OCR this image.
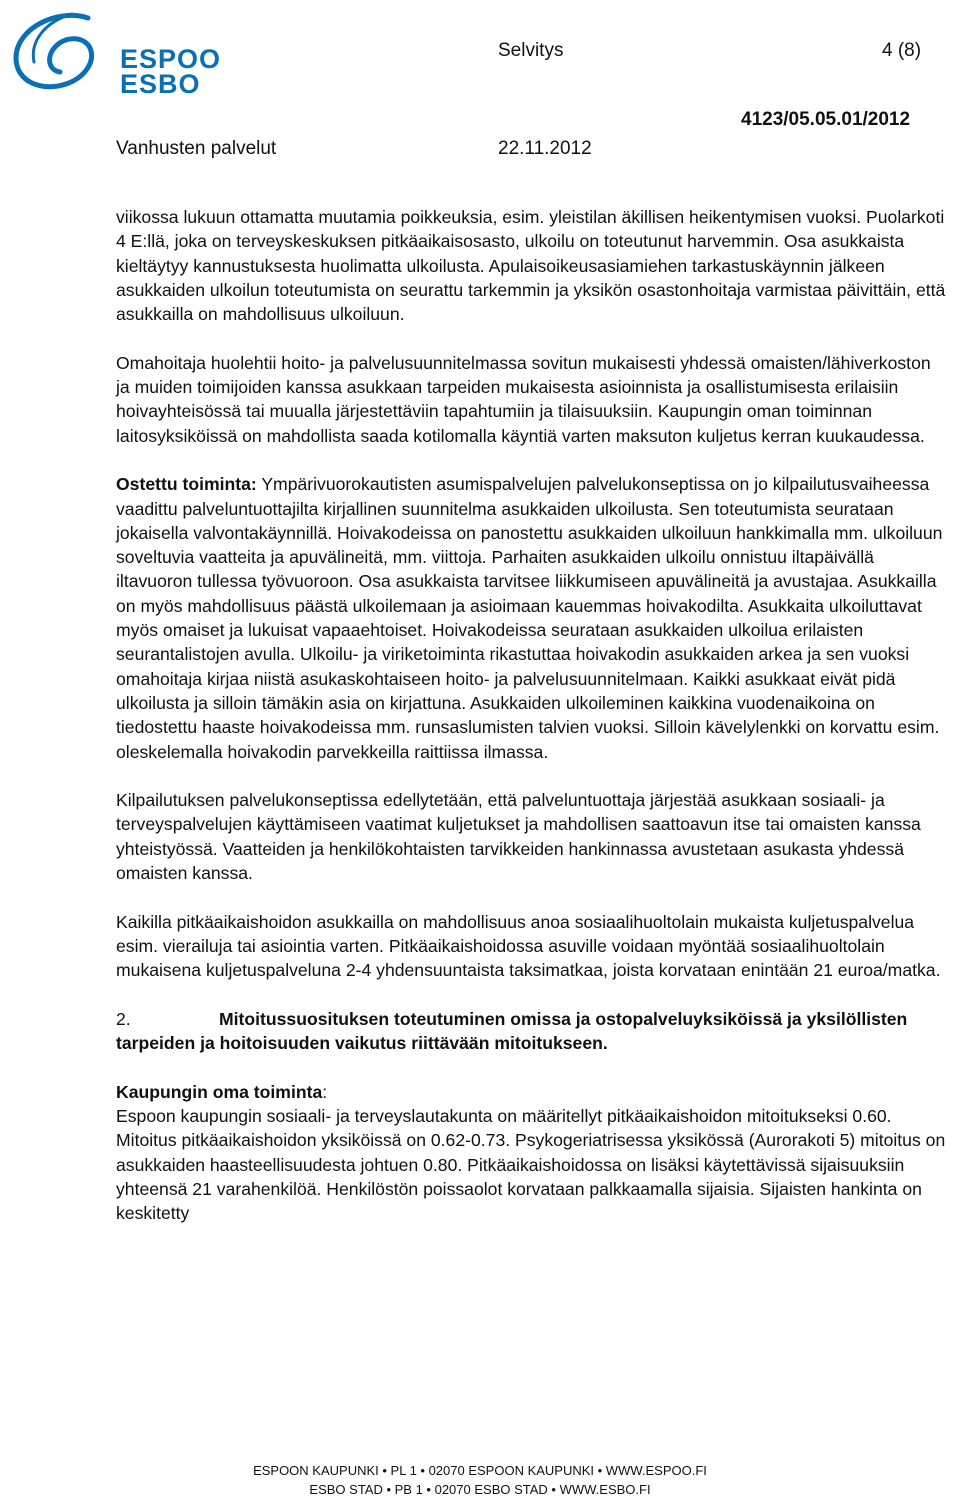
ESPOO
ESBO
Selvitys	4 (8)
4123/05.05.01/2012
Vanhusten palvelut	22.11.2012

viikossa lukuun ottamatta muutamia poikkeuksia, esim. yleistilan äkillisen heikentymisen vuoksi. Puolarkoti 4 E:llä, joka on terveyskeskuksen pitkäaikaisosasto, ulkoilu on toteutunut harvemmin. Osa asukkaista kieltäytyy kannustuksesta huolimatta ulkoilusta. Apulaisoikeusasiamiehen tarkastuskäynnin jälkeen asukkaiden ulkoilun toteutumista on seurattu tarkemmin ja yksikön osastonhoitaja varmistaa päivittäin, että asukkailla on mahdollisuus ulkoiluun.

Omahoitaja huolehtii hoito- ja palvelusuunnitelmassa sovitun mukaisesti yhdessä omaisten/lähiverkoston ja muiden toimijoiden kanssa asukkaan tarpeiden mukaisesta asioinnista ja osallistumisesta erilaisiin hoivayhteisössä tai muualla järjestettäviin tapahtumiin ja tilaisuuksiin. Kaupungin oman toiminnan laitosyksiköissä on mahdollista saada kotilomalla käyntiä varten maksuton kuljetus kerran kuukaudessa.

Ostettu toiminta: Ympärivuorokautisten asumispalvelujen palvelukonseptissa on jo kilpailutusvaiheessa vaadittu palveluntuottajilta kirjallinen suunnitelma asukkaiden ulkoilusta. Sen toteutumista seurataan jokaisella valvontakäynnillä. Hoivakodeissa on panostettu asukkaiden ulkoiluun hankkimalla mm. ulkoiluun soveltuvia vaatteita ja apuvälineitä, mm. viittoja. Parhaiten asukkaiden ulkoilu onnistuu iltapäivällä iltavuoron tullessa työvuoroon. Osa asukkaista tarvitsee liikkumiseen apuvälineitä ja avustajaa. Asukkailla on myös mahdollisuus päästä ulkoilemaan ja asioimaan kauemmas hoivakodilta. Asukkaita ulkoiluttavat myös omaiset ja lukuisat vapaaehtoiset. Hoivakodeissa seurataan asukkaiden ulkoilua erilaisten seurantalistojen avulla. Ulkoilu- ja viriketoiminta rikastuttaa hoivakodin asukkaiden arkea ja sen vuoksi omahoitaja kirjaa niistä asukaskohtaiseen hoito- ja palvelusuunnitelmaan. Kaikki asukkaat eivät pidä ulkoilusta ja silloin tämäkin asia on kirjattuna. Asukkaiden ulkoileminen kaikkina vuodenaikoina on tiedostettu haaste hoivakodeissa mm. runsaslumisten talvien vuoksi. Silloin kävelylenkki on korvattu esim. oleskelemalla hoivakodin parvekkeilla raittiissa ilmassa.

Kilpailutuksen palvelukonseptissa edellytetään, että palveluntuottaja järjestää asukkaan sosiaali- ja terveyspalvelujen käyttämiseen vaatimat kuljetukset ja mahdollisen saattoavun itse tai omaisten kanssa yhteistyössä. Vaatteiden ja henkilökohtaisten tarvikkeiden hankinnassa avustetaan asukasta yhdessä omaisten kanssa.

Kaikilla pitkäaikaishoidon asukkailla on mahdollisuus anoa sosiaalihuoltolain mukaista kuljetuspalvelua esim. vierailuja tai asiointia varten. Pitkäaikaishoidossa asuville voidaan myöntää sosiaalihuoltolain mukaisena kuljetuspalveluna 2-4 yhdensuuntaista taksimatkaa, joista korvataan enintään 21 euroa/matka.

2.	Mitoitussuosituksen toteutuminen omissa ja ostopalveluyksiköissä ja yksilöllisten tarpeiden ja hoitoisuuden vaikutus riittävään mitoitukseen.

Kaupungin oma toiminta:
Espoon kaupungin sosiaali- ja terveyslautakunta on määritellyt pitkäaikaishoidon mitoitukseksi 0.60. Mitoitus pitkäaikaishoidon yksiköissä on 0.62-0.73. Psykogeriatrisessa yksikössä (Aurorakoti 5) mitoitus on asukkaiden haasteellisuudesta johtuen 0.80. Pitkäaikaishoidossa on lisäksi käytettävissä sijaisuuksiin yhteensä 21 varahenkilöä. Henkilöstön poissaolot korvataan palkkaamalla sijaisia. Sijaisten hankinta on keskitetty

ESPOON KAUPUNKI • PL 1 • 02070 ESPOON KAUPUNKI • WWW.ESPOO.FI
ESBO STAD • PB 1 • 02070 ESBO STAD • WWW.ESBO.FI
